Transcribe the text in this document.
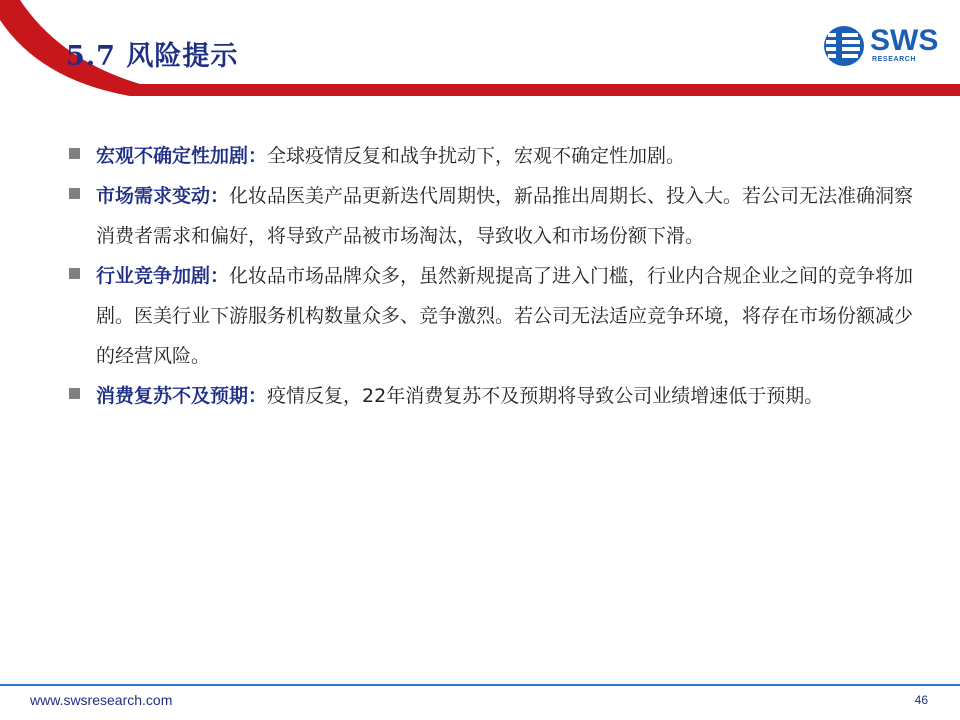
5.7 风险提示	SWS
RESEARCH
宏观不确定性加剧：全球疫情反复和战争扰动下，宏观不确定性加剧。
市场需求变动：化妆品医美产品更新迭代周期快，新品推出周期长、投入大。若公司无法准确洞察消费者需求和偏好，将导致产品被市场淘汰，导致收入和市场份额下滑。
行业竞争加剧：化妆品市场品牌众多，虽然新规提高了进入门槛，行业内合规企业之间的竞争将加剧。医美行业下游服务机构数量众多、竞争激烈。若公司无法适应竞争环境，将存在市场份额减少的经营风险。
消费复苏不及预期：疫情反复，22年消费复苏不及预期将导致公司业绩增速低于预期。
www.swsresearch.com	46
